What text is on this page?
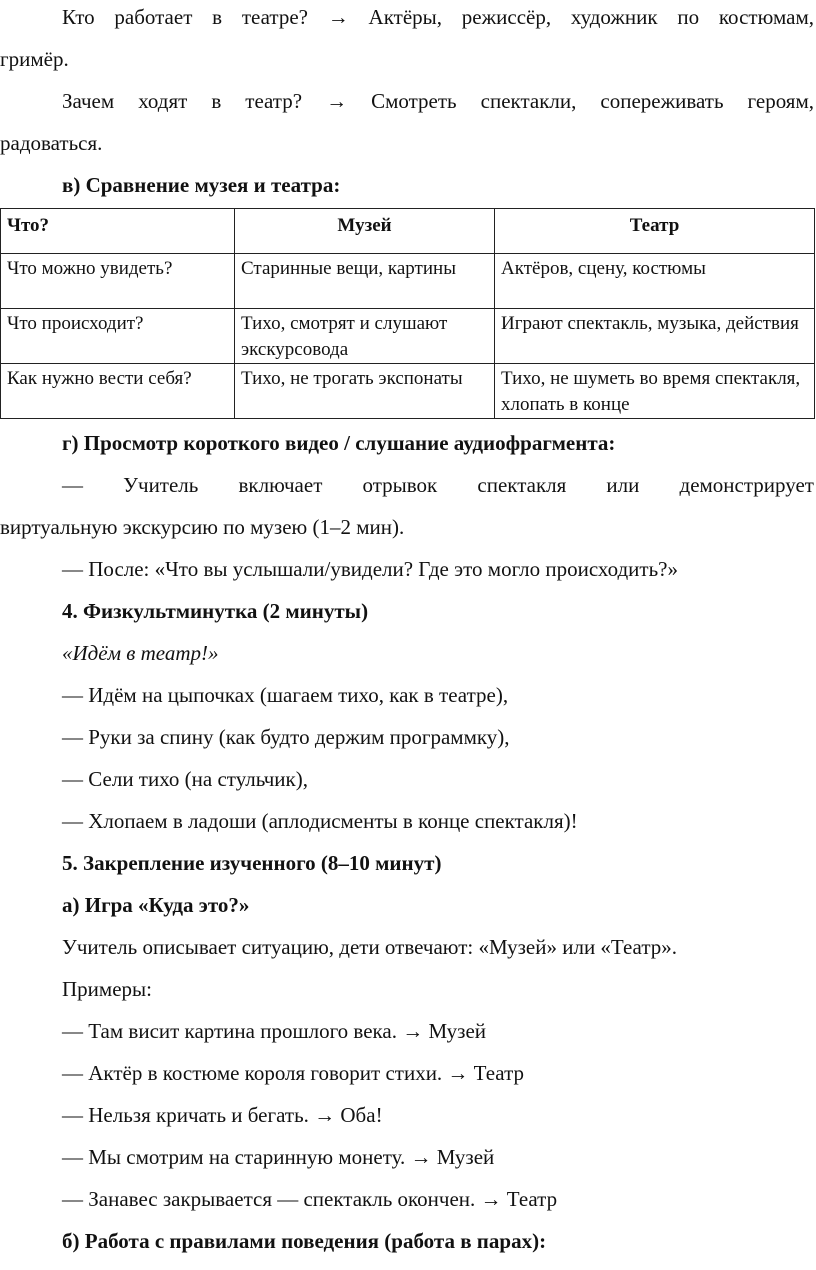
Кто работает в театре? → Актёры, режиссёр, художник по костюмам,
гримёр.
Зачем ходят в театр? → Смотреть спектакли, сопереживать героям,
радоваться.
в) Сравнение музея и театра:
Что?	Музей	Театр
Что можно увидеть?	Старинные вещи, картины	Актёров, сцену, костюмы
Что происходит?	Тихо, смотрят и слушают экскурсовода	Играют спектакль, музыка, действия
Как нужно вести себя?	Тихо, не трогать экспонаты	Тихо, не шуметь во время спектакля, хлопать в конце
г) Просмотр короткого видео / слушание аудиофрагмента:
— Учитель включает отрывок спектакля или демонстрирует
виртуальную экскурсию по музею (1–2 мин).
— После: «Что вы услышали/увидели? Где это могло происходить?»
4. Физкультминутка (2 минуты)
«Идём в театр!»
— Идём на цыпочках (шагаем тихо, как в театре),
— Руки за спину (как будто держим программку),
— Сели тихо (на стульчик),
— Хлопаем в ладоши (аплодисменты в конце спектакля)!
5. Закрепление изученного (8–10 минут)
а) Игра «Куда это?»
Учитель описывает ситуацию, дети отвечают: «Музей» или «Театр».
Примеры:
— Там висит картина прошлого века. → Музей
— Актёр в костюме короля говорит стихи. → Театр
— Нельзя кричать и бегать. → Оба!
— Мы смотрим на старинную монету. → Музей
— Занавес закрывается — спектакль окончен. → Театр
б) Работа с правилами поведения (работа в парах):
